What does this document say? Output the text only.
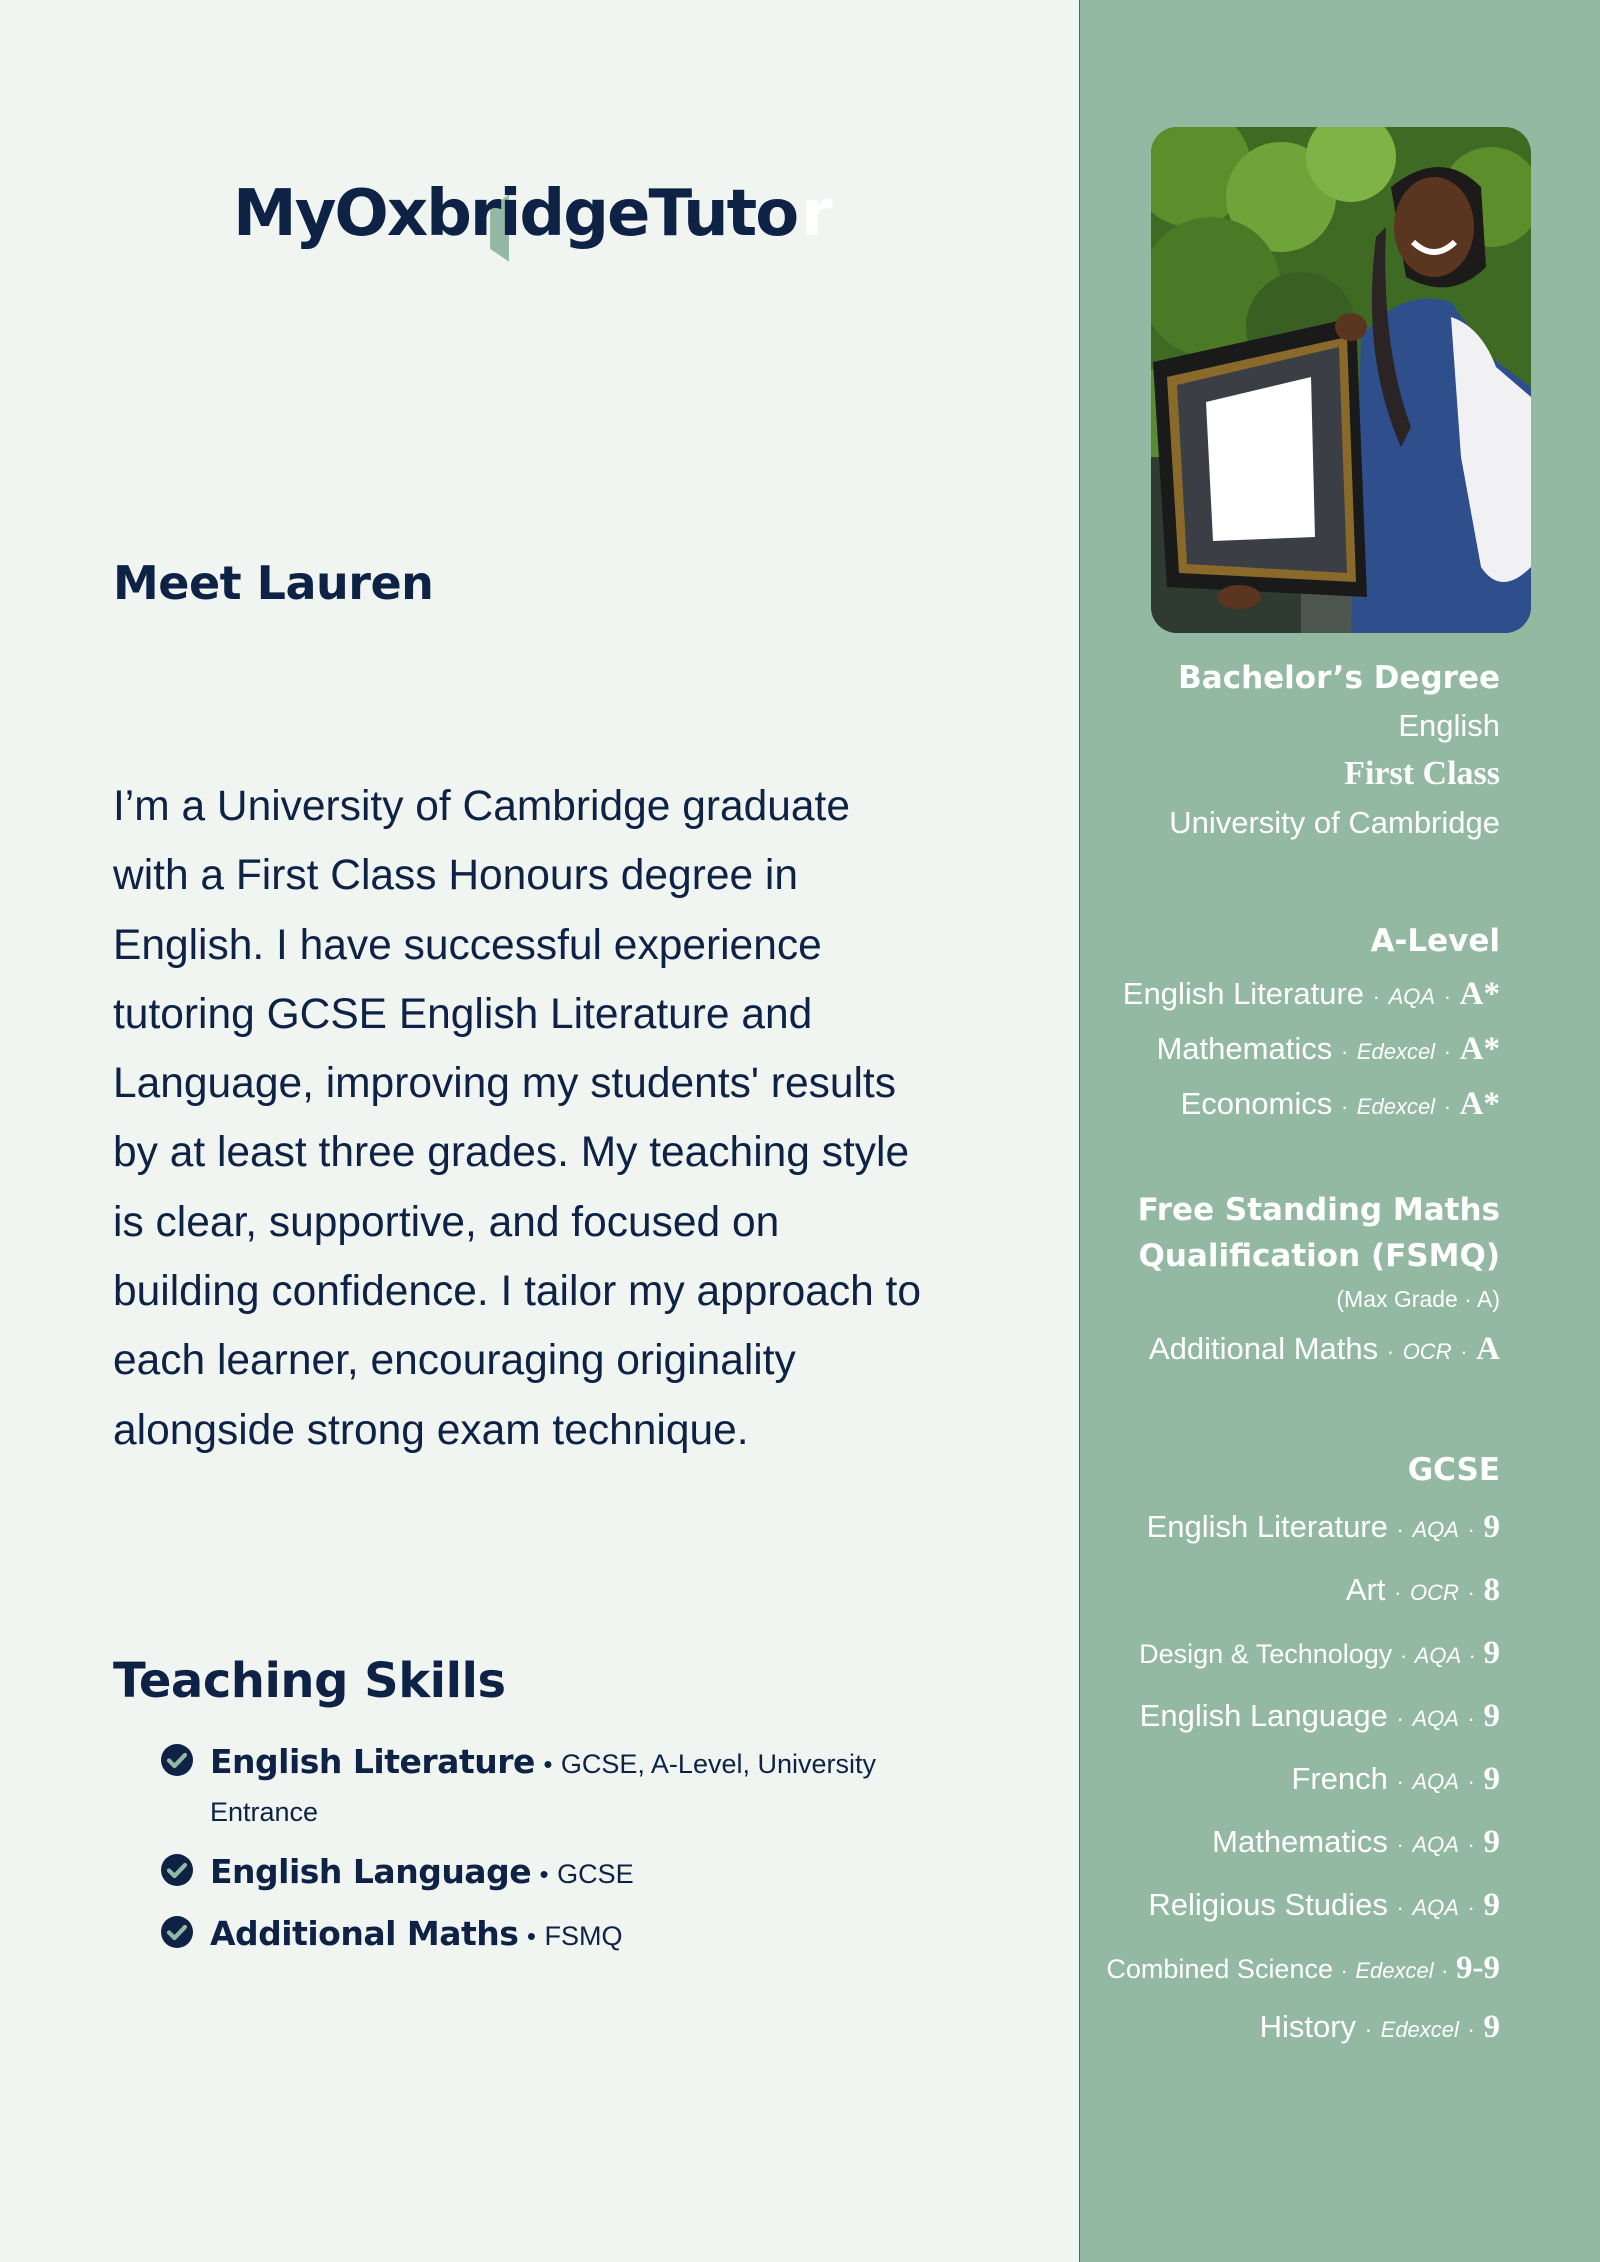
MyOxbridgeTuto r
Meet Lauren
I’m a University of Cambridge graduate with a First Class Honours degree in English. I have successful experience tutoring GCSE English Literature and Language, improving my students' results by at least three grades. My teaching style is clear, supportive, and focused on building confidence. I tailor my approach to each learner, encouraging originality alongside strong exam technique.
Teaching Skills
English Literature • GCSE, A-Level, University Entrance
English Language • GCSE
Additional Maths • FSMQ
Bachelor’s Degree
English
First Class
University of Cambridge
A-Level
English Literature · AQA · A*
Mathematics · Edexcel · A*
Economics · Edexcel · A*
Free Standing Maths
Qualification (FSMQ)
(Max Grade · A)
Additional Maths · OCR · A
GCSE
English Literature · AQA · 9
Art · OCR · 8
Design & Technology · AQA · 9
English Language · AQA · 9
French · AQA · 9
Mathematics · AQA · 9
Religious Studies · AQA · 9
Combined Science · Edexcel · 9-9
History · Edexcel · 9
